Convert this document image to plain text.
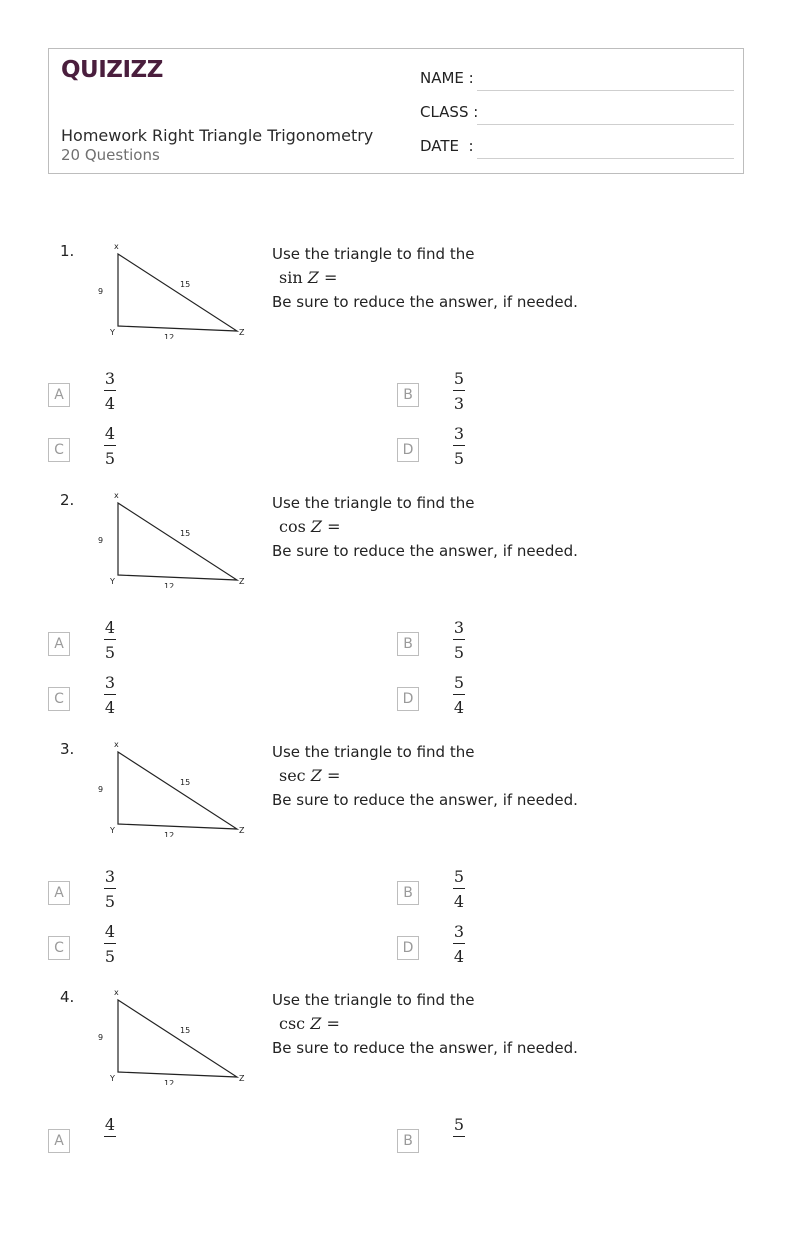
QUIZIZZ
Homework Right Triangle Trigonometry
20 Questions
NAME :
CLASS :
DATE  :
1.	x
9
15
Y
12
Z
Use the triangle to find the
sin Z =
Be sure to reduce the answer, if needed.
A
3
4	B
5
3
C
4
5	D
3
5
2.	x
9
15
Y
12
Z
Use the triangle to find the
cos Z =
Be sure to reduce the answer, if needed.
A
4
5	B
3
5
C
3
4	D
5
4
3.	x
9
15
Y
12
Z
Use the triangle to find the
sec Z =
Be sure to reduce the answer, if needed.
A
3
5	B
5
4
C
4
5	D
3
4
4.	x
9
15
Y
12
Z
Use the triangle to find the
csc Z =
Be sure to reduce the answer, if needed.
A
4
B
5
